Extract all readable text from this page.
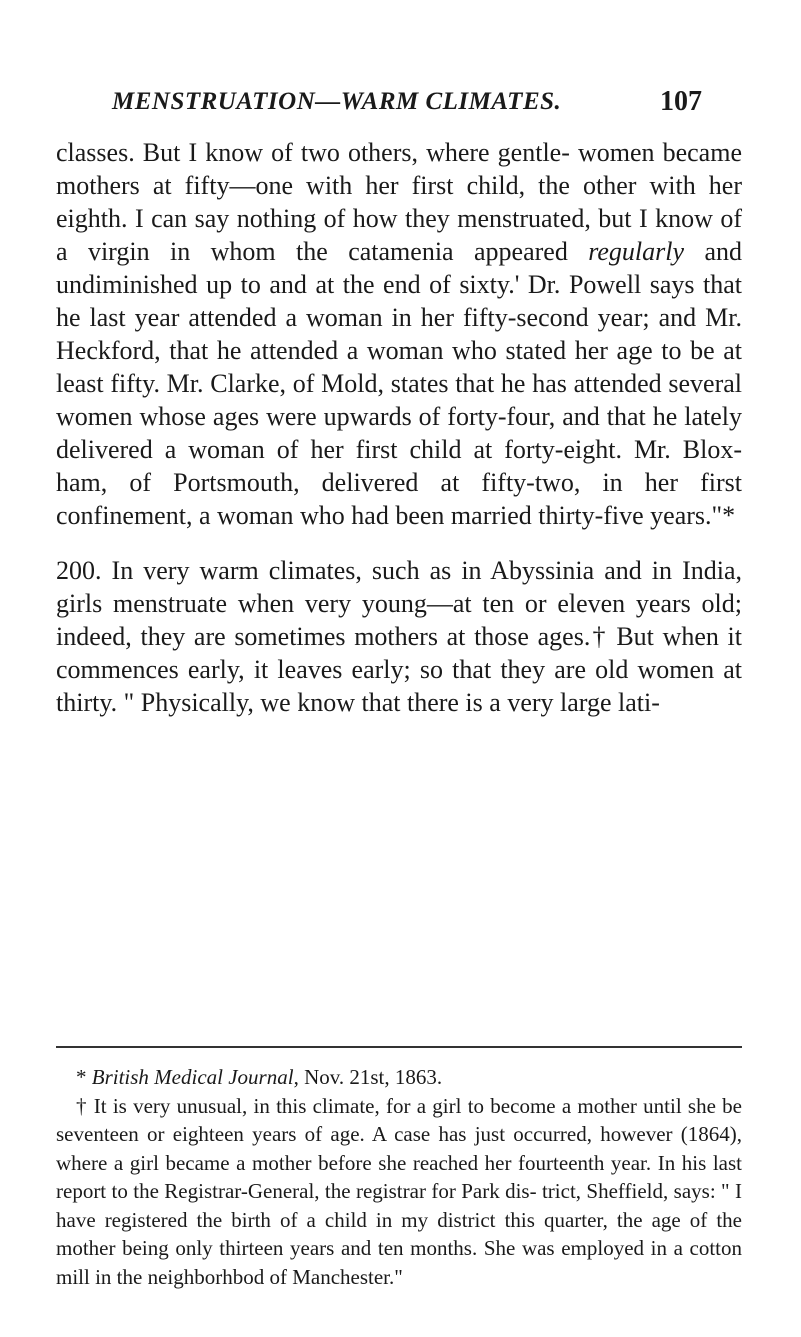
MENSTRUATION—WARM CLIMATES.	107

classes. But I know of two others, where gentle- women became mothers at fifty—one with her first child, the other with her eighth. I can say nothing of how they menstruated, but I know of a virgin in whom the catamenia appeared regularly and undiminished up to and at the end of sixty.' Dr. Powell says that he last year attended a woman in her fifty-second year; and Mr. Heckford, that he attended a woman who stated her age to be at least fifty. Mr. Clarke, of Mold, states that he has attended several women whose ages were upwards of forty-four, and that he lately delivered a woman of her first child at forty-eight. Mr. Blox- ham, of Portsmouth, delivered at fifty-two, in her first confinement, a woman who had been married thirty-five years."*

200. In very warm climates, such as in Abyssinia and in India, girls menstruate when very young—at ten or eleven years old; indeed, they are sometimes mothers at those ages.† But when it commences early, it leaves early; so that they are old women at thirty. " Physically, we know that there is a very large lati-

* British Medical Journal, Nov. 21st, 1863.

† It is very unusual, in this climate, for a girl to become a mother until she be seventeen or eighteen years of age. A case has just occurred, however (1864), where a girl became a mother before she reached her fourteenth year. In his last report to the Registrar-General, the registrar for Park dis- trict, Sheffield, says: " I have registered the birth of a child in my district this quarter, the age of the mother being only thirteen years and ten months. She was employed in a cotton mill in the neighborhbod of Manchester."
